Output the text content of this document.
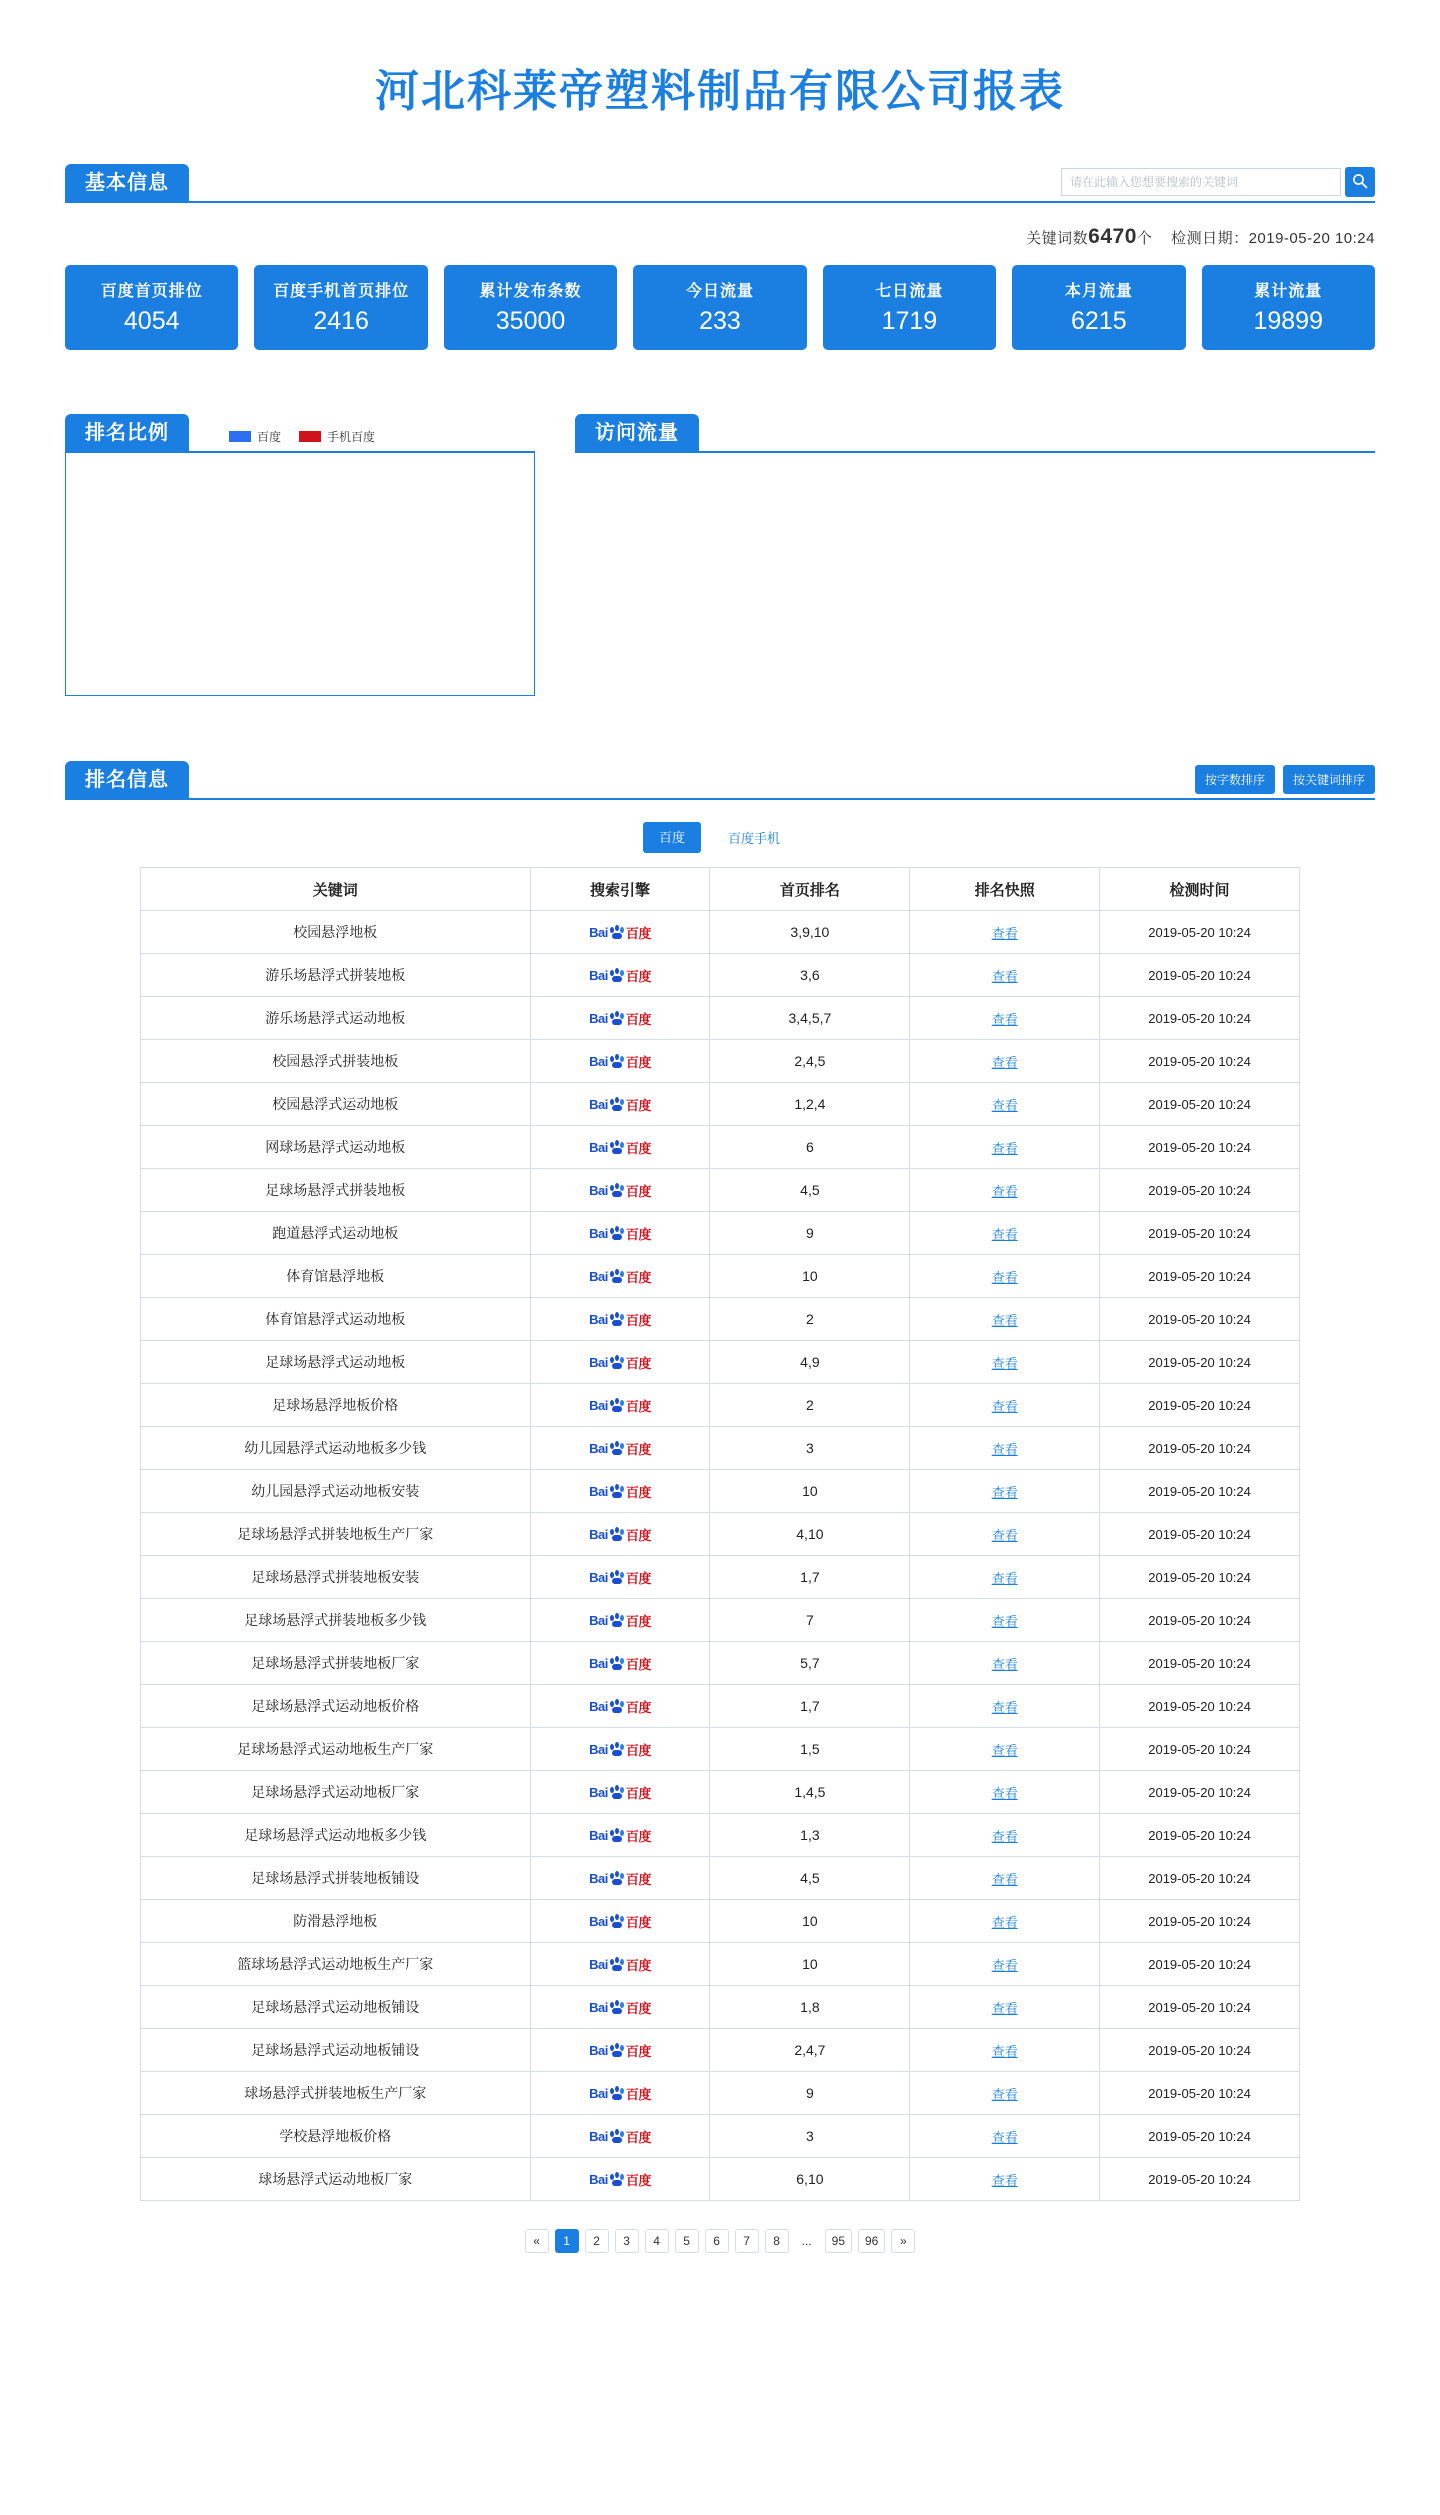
河北科莱帝塑料制品有限公司报表
基本信息
请在此输入您想要搜索的关键词
关键词数6470个 检测日期：2019-05-20 10:24
百度首页排位
4054
百度手机首页排位
2416
累计发布条数
35000
今日流量
233
七日流量
1719
本月流量
6215
累计流量
19899
排名比例	百度	手机百度	访问流量
排名信息	按字数排序	按关键词排序
百度	百度手机
关键词	搜索引擎	首页排名	排名快照	检测时间
校园悬浮地板	Bai 百度	3,9,10	查看	2019-05-20 10:24
游乐场悬浮式拼装地板	Bai 百度	3,6	查看	2019-05-20 10:24
游乐场悬浮式运动地板	Bai 百度	3,4,5,7	查看	2019-05-20 10:24
校园悬浮式拼装地板	Bai 百度	2,4,5	查看	2019-05-20 10:24
校园悬浮式运动地板	Bai 百度	1,2,4	查看	2019-05-20 10:24
网球场悬浮式运动地板	Bai 百度	6	查看	2019-05-20 10:24
足球场悬浮式拼装地板	Bai 百度	4,5	查看	2019-05-20 10:24
跑道悬浮式运动地板	Bai 百度	9	查看	2019-05-20 10:24
体育馆悬浮地板	Bai 百度	10	查看	2019-05-20 10:24
体育馆悬浮式运动地板	Bai 百度	2	查看	2019-05-20 10:24
足球场悬浮式运动地板	Bai 百度	4,9	查看	2019-05-20 10:24
足球场悬浮地板价格	Bai 百度	2	查看	2019-05-20 10:24
幼儿园悬浮式运动地板多少钱	Bai 百度	3	查看	2019-05-20 10:24
幼儿园悬浮式运动地板安装	Bai 百度	10	查看	2019-05-20 10:24
足球场悬浮式拼装地板生产厂家	Bai 百度	4,10	查看	2019-05-20 10:24
足球场悬浮式拼装地板安装	Bai 百度	1,7	查看	2019-05-20 10:24
足球场悬浮式拼装地板多少钱	Bai 百度	7	查看	2019-05-20 10:24
足球场悬浮式拼装地板厂家	Bai 百度	5,7	查看	2019-05-20 10:24
足球场悬浮式运动地板价格	Bai 百度	1,7	查看	2019-05-20 10:24
足球场悬浮式运动地板生产厂家	Bai 百度	1,5	查看	2019-05-20 10:24
足球场悬浮式运动地板厂家	Bai 百度	1,4,5	查看	2019-05-20 10:24
足球场悬浮式运动地板多少钱	Bai 百度	1,3	查看	2019-05-20 10:24
足球场悬浮式拼装地板铺设	Bai 百度	4,5	查看	2019-05-20 10:24
防滑悬浮地板	Bai 百度	10	查看	2019-05-20 10:24
篮球场悬浮式运动地板生产厂家	Bai 百度	10	查看	2019-05-20 10:24
足球场悬浮式运动地板铺设	Bai 百度	1,8	查看	2019-05-20 10:24
足球场悬浮式运动地板铺设	Bai 百度	2,4,7	查看	2019-05-20 10:24
球场悬浮式拼装地板生产厂家	Bai 百度	9	查看	2019-05-20 10:24
学校悬浮地板价格	Bai 百度	3	查看	2019-05-20 10:24
球场悬浮式运动地板厂家	Bai 百度	6,10	查看	2019-05-20 10:24
«	1	2	3	4	5	6	7	8	...	95	96	»
